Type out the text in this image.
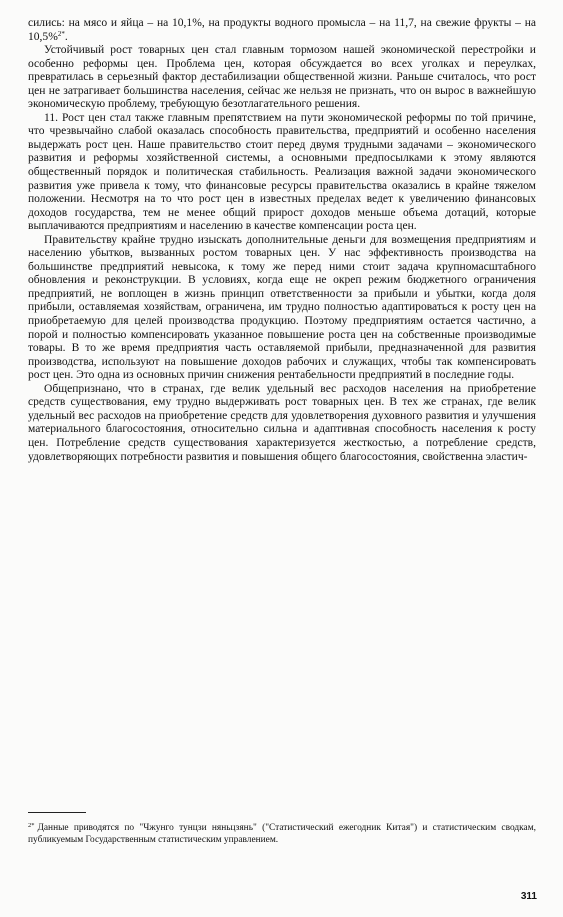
сились: на мясо и яйца – на 10,1%, на продукты водного промысла – на 11,7, на свежие фрукты – на 10,5%$^{2*}$.

Устойчивый рост товарных цен стал главным тормозом нашей экономической перестройки и особенно реформы цен. Проблема цен, которая обсуждается во всех уголках и переулках, превратилась в серьезный фактор дестабилизации общественной жизни. Раньше считалось, что рост цен не затрагивает большинства населения, сейчас же нельзя не признать, что он вырос в важнейшую экономическую проблему, требующую безотлагательного решения.

11. Рост цен стал также главным препятствием на пути экономической реформы по той причине, что чрезвычайно слабой оказалась способность правительства, предприятий и особенно населения выдержать рост цен. Наше правительство стоит перед двумя трудными задачами – экономического развития и реформы хозяйственной системы, а основными предпосылками к этому являются общественный порядок и политическая стабильность. Реализация важной задачи экономического развития уже привела к тому, что финансовые ресурсы правительства оказались в крайне тяжелом положении. Несмотря на то что рост цен в известных пределах ведет к увеличению финансовых доходов государства, тем не менее общий прирост доходов меньше объема дотаций, которые выплачиваются предприятиям и населению в качестве компенсации роста цен.

Правительству крайне трудно изыскать дополнительные деньги для возмещения предприятиям и населению убытков, вызванных ростом товарных цен. У нас эффективность производства на большинстве предприятий невысока, к тому же перед ними стоит задача крупномасштабного обновления и реконструкции. В условиях, когда еще не окреп режим бюджетного ограничения предприятий, не воплощен в жизнь принцип ответственности за прибыли и убытки, когда доля прибыли, оставляемая хозяйствам, ограничена, им трудно полностью адаптироваться к росту цен на приобретаемую для целей производства продукцию. Поэтому предприятиям остается частично, а порой и полностью компенсировать указанное повышение роста цен на собственные производимые товары. В то же время предприятия часть оставляемой прибыли, предназначенной для развития производства, используют на повышение доходов рабочих и служащих, чтобы так компенсировать рост цен. Это одна из основных причин снижения рентабельности предприятий в последние годы.

Общепризнано, что в странах, где велик удельный вес расходов населения на приобретение средств существования, ему трудно выдерживать рост товарных цен. В тех же странах, где велик удельный вес расходов на приобретение средств для удовлетворения духовного развития и улучшения материального благосостояния, относительно сильна и адаптивная способность населения к росту цен. Потребление средств существования характеризуется жесткостью, а потребление средств, удовлетворяющих потребности развития и повышения общего благосостояния, свойственна эластич-

$^{2*}$ Данные приводятся по "Чжунго тунцзи няньцзянь" ("Статистический ежегодник Китая") и статистическим сводкам, публикуемым Государственным статистическим управлением.
311
